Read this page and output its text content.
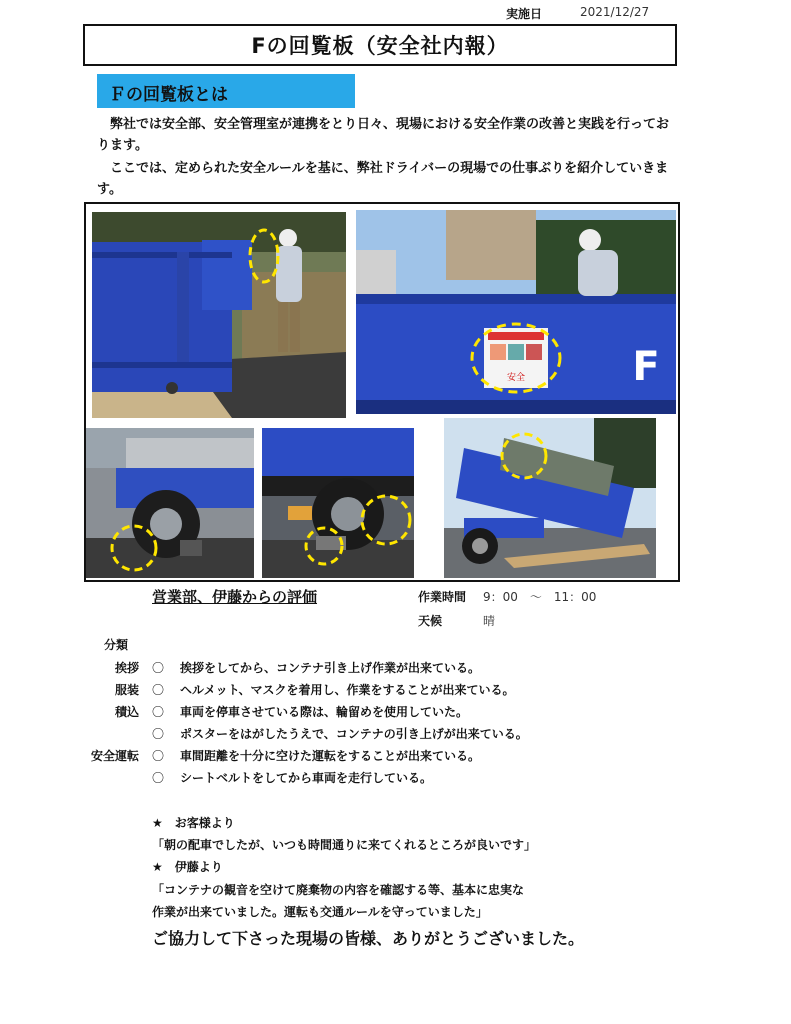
実施日	2021/12/27
Fの回覧板（安全社内報）
Ｆの回覧板とは

　弊社では安全部、安全管理室が連携をとり日々、現場における安全作業の改善と実践を行っております。

　ここでは、定められた安全ルールを基に、弊社ドライバーの現場での仕事ぶりを紹介していきます。

安全	F
営業部、伊藤からの評価	作業時間 9：00　～　11：00
天候	晴
分類
挨拶 〇 挨拶をしてから、コンテナ引き上げ作業が出来ている。
服装 〇 ヘルメット、マスクを着用し、作業をすることが出来ている。
積込 〇 車両を停車させている際は、輪留めを使用していた。
〇 ポスターをはがしたうえで、コンテナの引き上げが出来ている。
安全運転 〇 車間距離を十分に空けた運転をすることが出来ている。
〇 シートベルトをしてから車両を走行している。
★ お客様より
「朝の配車でしたが、いつも時間通りに来てくれるところが良いです」
★ 伊藤より
「コンテナの観音を空けて廃棄物の内容を確認する等、基本に忠実な
作業が出来ていました。運転も交通ルールを守っていました」
ご協力して下さった現場の皆様、ありがとうございました。
